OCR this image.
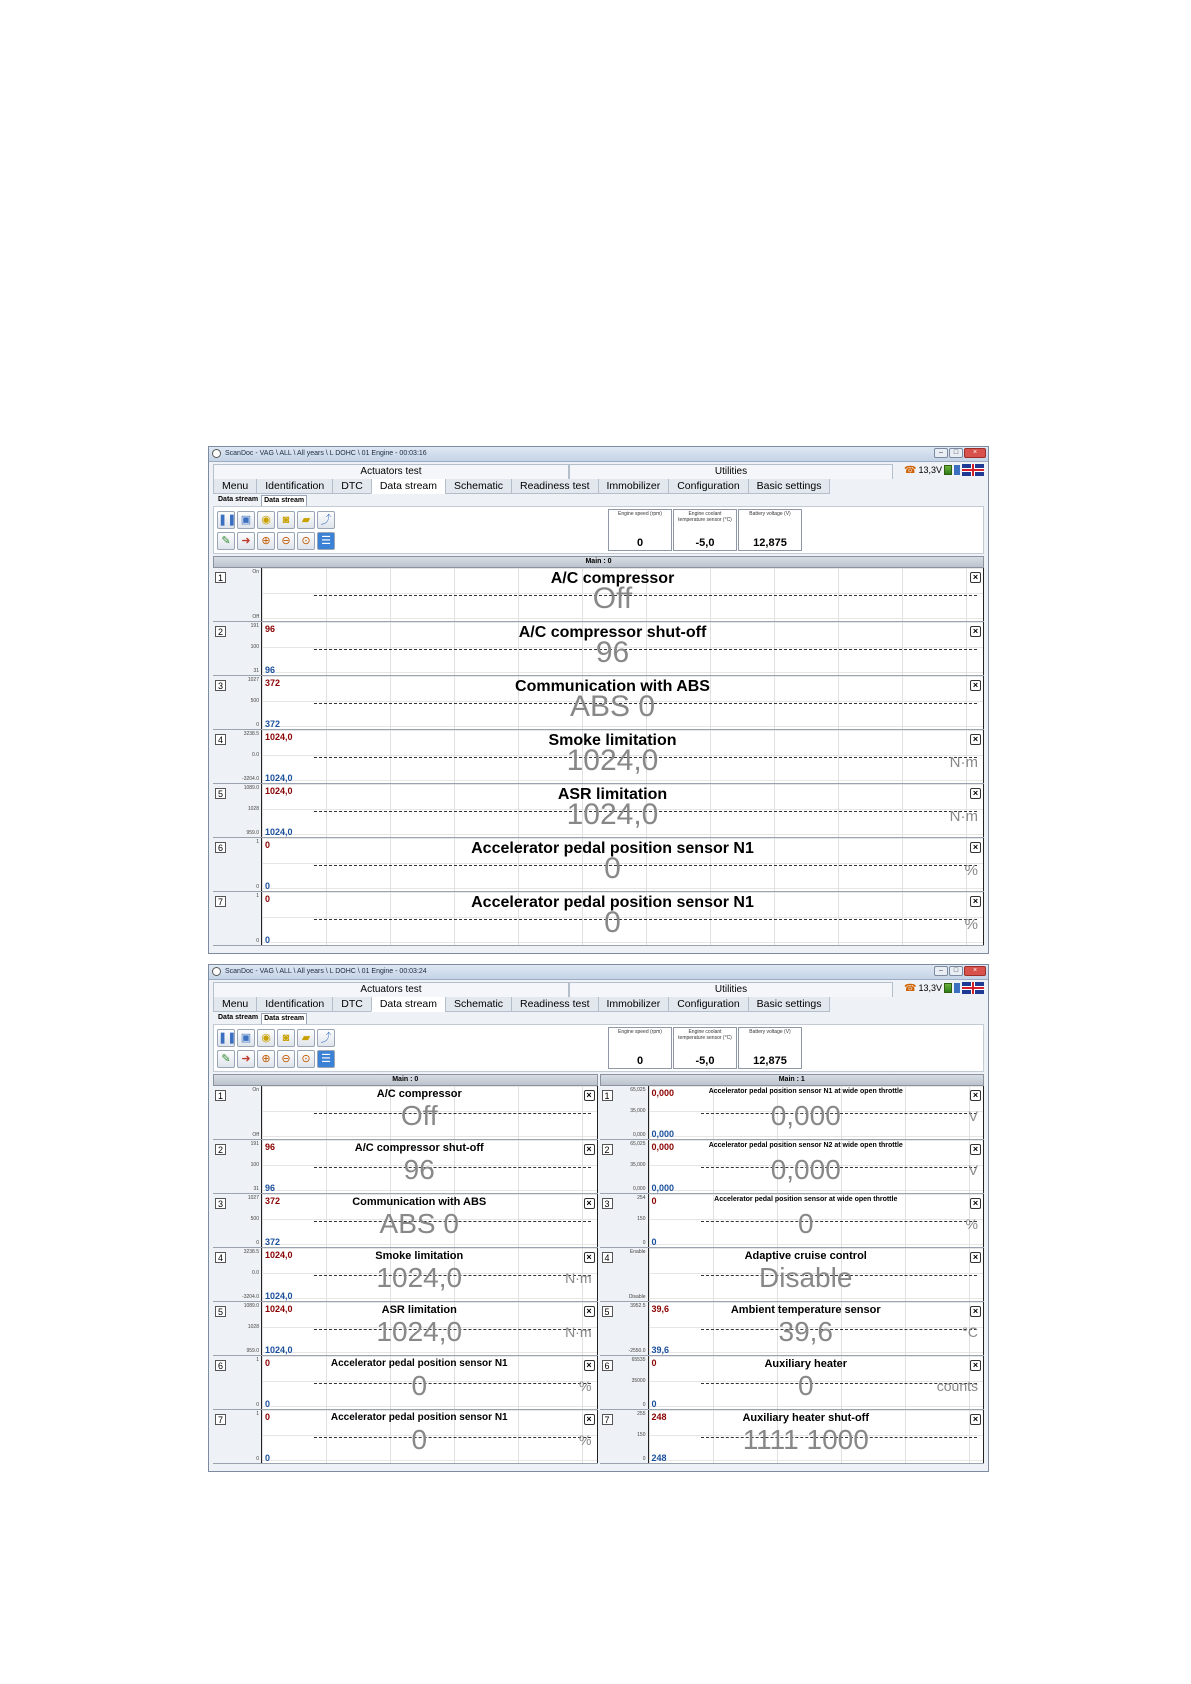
ScanDoc - VAG \ ALL \ All years \ L DOHC \ 01 Engine - 00:03:16	–	□	×
Actuators test	Utilities	☎ 13,3V
Menu	Identification	DTC	Data stream	Schematic	Readiness test	Immobilizer	Configuration	Basic settings
Data stream Data stream
❚❚ ▣ ◉	◙	▰ ⤴
✎ ➜ ⊕ ⊖ ⊙ ☰
Engine speed (rpm)
0
Engine coolant temperature sensor (°C)
-5,0
Battery voltage (V)
12,875
Main : 0
1
On
Off
A/C compressor
Off
×
2
191
100
31
96
96
A/C compressor shut-off
96
×
3
1027
500
0
372
372
Communication with ABS
ABS 0
×
4
3238.5
0.0
-3204.0
1024,0
1024,0
Smoke limitation
1024,0	N·m
×
5
1089.0
1028
959.0
1024,0
1024,0
ASR limitation
1024,0	N·m
×
6
1
0
0
0
Accelerator pedal position sensor N1
0	%
×
7
1
0
0
0
Accelerator pedal position sensor N1
0	%
×
ScanDoc - VAG \ ALL \ All years \ L DOHC \ 01 Engine - 00:03:24	–	□	×
Actuators test	Utilities	☎ 13,3V
Menu	Identification	DTC	Data stream	Schematic	Readiness test	Immobilizer	Configuration	Basic settings
Data stream Data stream
❚❚ ▣ ◉	◙	▰ ⤴
✎ ➜ ⊕ ⊖ ⊙ ☰
Engine speed (rpm)
0
Engine coolant temperature sensor (°C)
-5,0
Battery voltage (V)
12,875
Main : 0
1
On
Off
A/C compressor
Off
×
2
191
100
31
96
96
A/C compressor shut-off
96
×
3
1027
500
0
372
372
Communication with ABS
ABS 0
×
4
3238.5
0.0
-3204.0
1024,0
1024,0
Smoke limitation
1024,0	N·m
×
5
1089.0
1028
959.0
1024,0
1024,0
ASR limitation
1024,0	N·m
×
6
1
0
0
0
Accelerator pedal position sensor N1
0	%
×
7
1
0
0
0
Accelerator pedal position sensor N1
0	%
×
Main : 1
1
65,025
35,000
0,000
0,000
0,000
Accelerator pedal position sensor N1 at wide open throttle
0,000	V
×
2
65,025
35,000
0,000
0,000
0,000
Accelerator pedal position sensor N2 at wide open throttle
0,000	V
×
3
254
150
0
0
0
Accelerator pedal position sensor at wide open throttle
0	%
×
4
Enable
Disable
Adaptive cruise control
Disable
×
5
3952.5
-2550.0
39,6
39,6
Ambient temperature sensor
39,6	°C
×
6
65535
35000
0
0
0
Auxiliary heater
0	counts
×
7
255
150
0
248
248
Auxiliary heater shut-off
1111 1000
×
